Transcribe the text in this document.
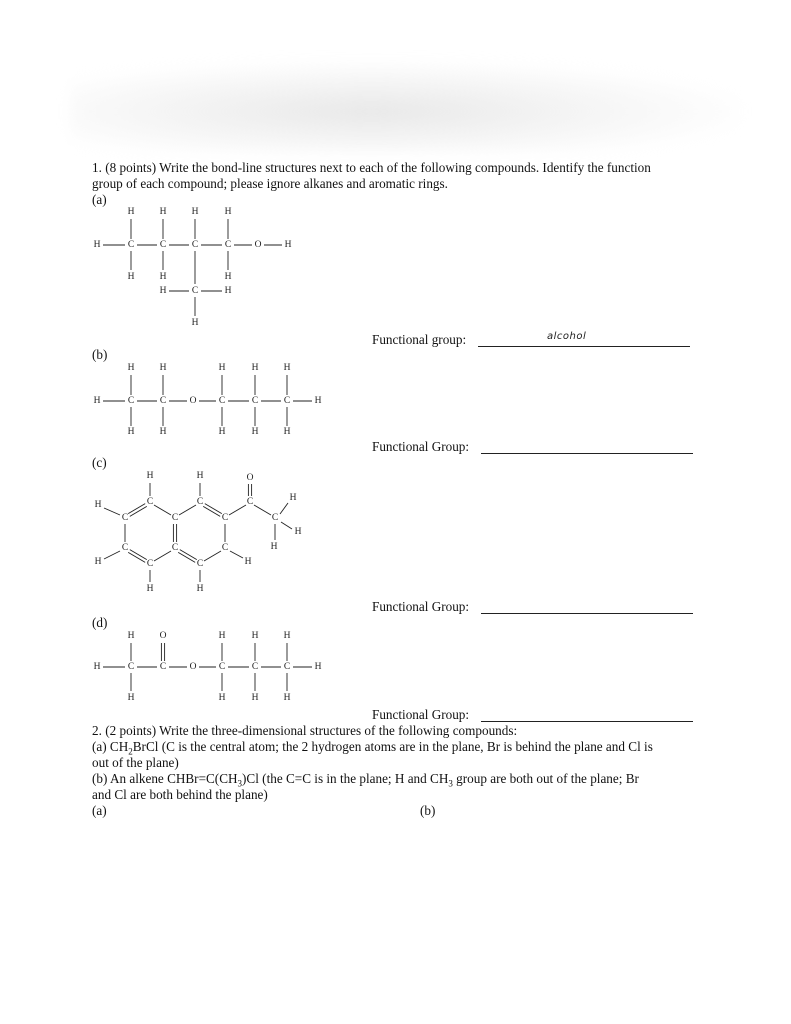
1. (8 points) Write the bond-line structures next to each of the following compounds. Identify the function
group of each compound; please ignore alkanes and aromatic rings.
(a)
(b)
(c)
(d)
Functional group:	alcohol
Functional Group:
Functional Group:
Functional Group:
2. (2 points) Write the three-dimensional structures of the following compounds:
(a) $CH_2BrCl$ (C is the central atom; the 2 hydrogen atoms are in the plane, Br is behind the plane and Cl is
out of the plane)
(b) An alkene $CHBr=C(CH_3)Cl$ (the C=C is in the plane; H and $CH_3$ group are both out of the plane; Br
and Cl are both behind the plane)
(a)	(b)
H	C	C	C	C O H
H	H	H	H
H	H	H
H	C	H
H
H	C	C O C	C	C	H
H
H
H
H
H
H
H
H
H
H
C
C
C
C
C
C
C
C
C
C
C
C
O
H	H
H
H
H	H
H
H
H
H
H	C	C O C	C	C	H
H
H
O	H
H
H
H
H
H
